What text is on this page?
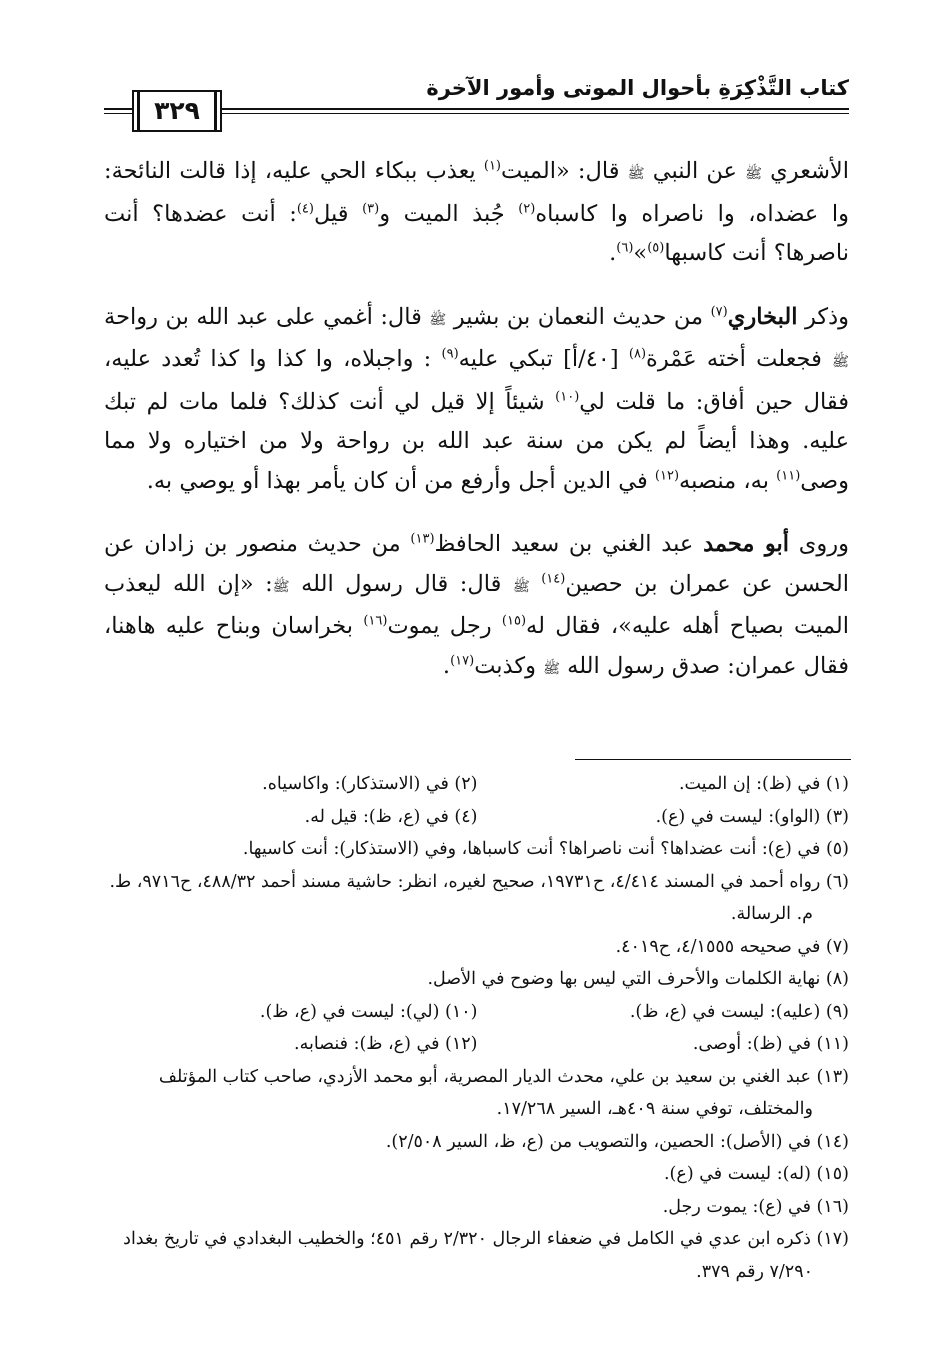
كتاب التَّذْكِرَةِ بأحوال الموتى وأمور الآخرة
٣٢٩

الأشعري ﷺ عن النبي ﷺ قال: «الميت$^{(١)}$ يعذب ببكاء الحي عليه، إذا قالت النائحة: وا عضداه، وا ناصراه وا كاسباه$^{(٢)}$ جُبذ الميت و$^{(٣)}$ قيل$^{(٤)}$: أنت عضدها؟ أنت ناصرها؟ أنت كاسبها$^{(٥)}$»$^{(٦)}$.

وذكر البخاري$^{(٧)}$ من حديث النعمان بن بشير ﷺ قال: أغمي على عبد الله بن رواحة ﷺ فجعلت أخته عَمْرة$^{(٨)}$ [٤٠/أ] تبكي عليه$^{(٩)}$ : واجبلاه، وا كذا وا كذا تُعدد عليه، فقال حين أفاق: ما قلت لي$^{(١٠)}$ شيئاً إلا قيل لي أنت كذلك؟ فلما مات لم تبك عليه. وهذا أيضاً لم يكن من سنة عبد الله بن رواحة ولا من اختياره ولا مما وصى$^{(١١)}$ به، منصبه$^{(١٢)}$ في الدين أجل وأرفع من أن كان يأمر بهذا أو يوصي به.

وروى أبو محمد عبد الغني بن سعيد الحافظ$^{(١٣)}$ من حديث منصور بن زادان عن الحسن عن عمران بن حصين$^{(١٤)}$ ﷺ قال: قال رسول الله ﷺ: «إن الله ليعذب الميت بصياح أهله عليه»، فقال له$^{(١٥)}$ رجل يموت$^{(١٦)}$ بخراسان وبناح عليه هاهنا، فقال عمران: صدق رسول الله ﷺ وكذبت$^{(١٧)}$.

(١) في (ظ): إن الميت.
(٢) في (الاستذكار): واكاسياه.
(٣) (الواو): ليست في (ع).
(٤) في (ع، ظ): قيل له.
(٥) في (ع): أنت عضداها؟ أنت ناصراها؟ أنت كاسباها، وفي (الاستذكار): أنت كاسيها.
(٦) رواه أحمد في المسند ٤/٤١٤، ح١٩٧٣١، صحيح لغيره، انظر: حاشية مسند أحمد ٤٨٨/٣٢، ح٩٧١٦، ط. م. الرسالة.
(٧) في صحيحه ٤/١٥٥٥، ح٤٠١٩.
(٨) نهاية الكلمات والأحرف التي ليس بها وضوح في الأصل.
(٩) (عليه): ليست في (ع، ظ).
(١٠) (لي): ليست في (ع، ظ).
(١١) في (ظ): أوصى.
(١٢) في (ع، ظ): فنصابه.
(١٣) عبد الغني بن سعيد بن علي، محدث الديار المصرية، أبو محمد الأزدي، صاحب كتاب المؤتلف والمختلف، توفي سنة ٤٠٩هـ، السير ١٧/٢٦٨.
(١٤) في (الأصل): الحصين، والتصويب من (ع، ظ، السير ٢/٥٠٨).
(١٥) (له): ليست في (ع).
(١٦) في (ع): يموت رجل.
(١٧) ذكره ابن عدي في الكامل في ضعفاء الرجال ٢/٣٢٠ رقم ٤٥١؛ والخطيب البغدادي في تاريخ بغداد ٧/٢٩٠ رقم ٣٧٩.
